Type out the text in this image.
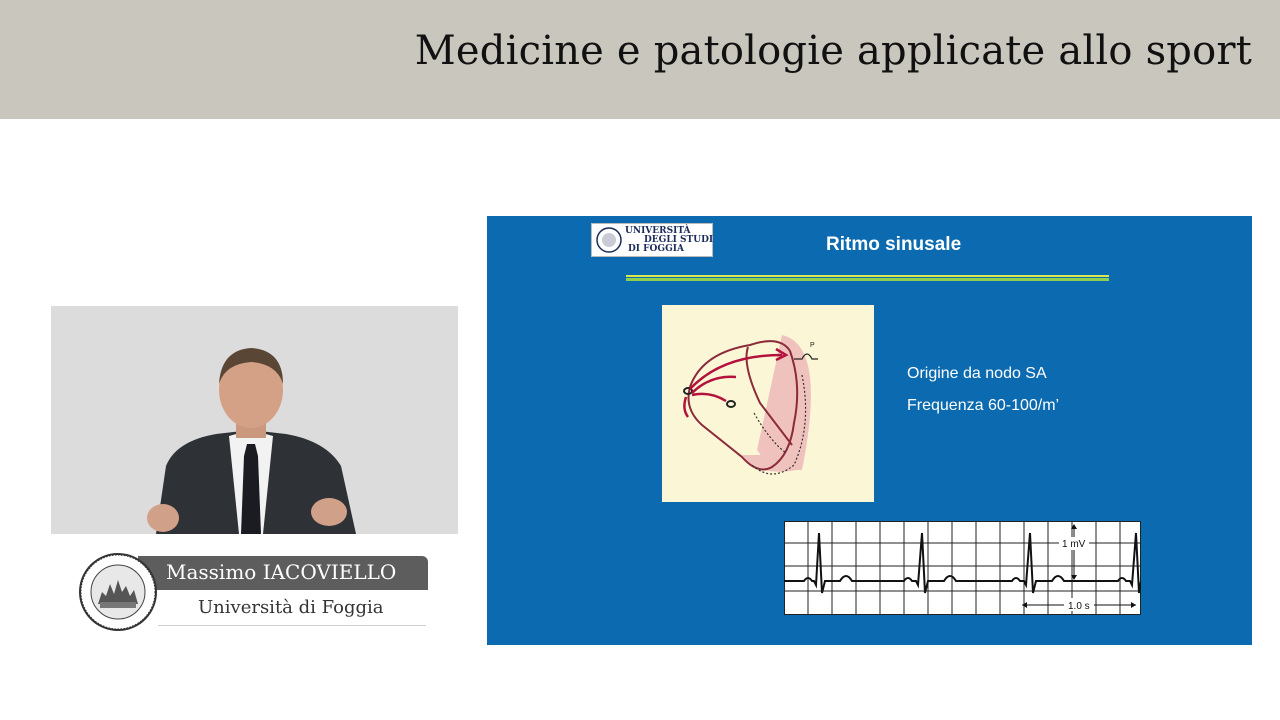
Medicine e patologie applicate allo sport
Massimo IACOVIELLO
Università di Foggia
UNIVERSITÀ
DEGLI STUDI
DI FOGGIA	Ritmo sinusale
P
Origine da nodo SA
Frequenza 60-100/m’
1 mV
1.0 s
